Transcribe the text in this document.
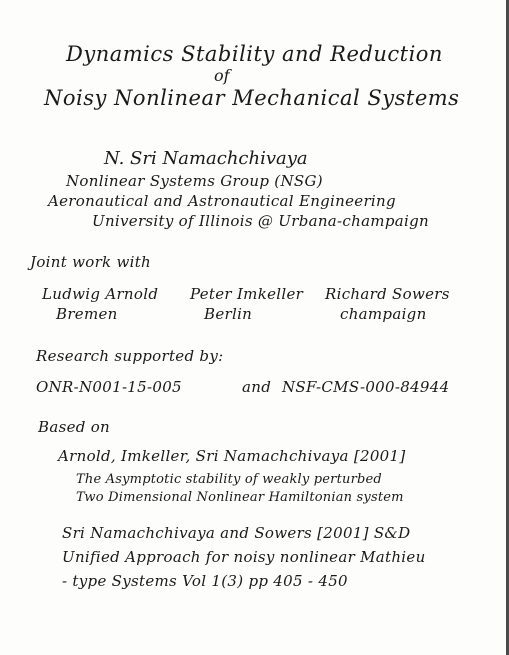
Dynamics Stability and Reduction
of
Noisy Nonlinear Mechanical Systems
N. Sri Namachchivaya
Nonlinear Systems Group (NSG)
Aeronautical and Astronautical Engineering
University of Illinois @ Urbana-champaign
Joint work with
Ludwig Arnold
Bremen
Peter Imkeller
Berlin
Richard Sowers
champaign
Research supported by:
ONR-N001-15-005	and NSF-CMS-000-84944
Based on
Arnold, Imkeller, Sri Namachchivaya [2001]
The Asymptotic stability of weakly perturbed
Two Dimensional Nonlinear Hamiltonian system
Sri Namachchivaya and Sowers [2001] S&D
Unified Approach for noisy nonlinear Mathieu
- type Systems Vol 1(3) pp 405 - 450
